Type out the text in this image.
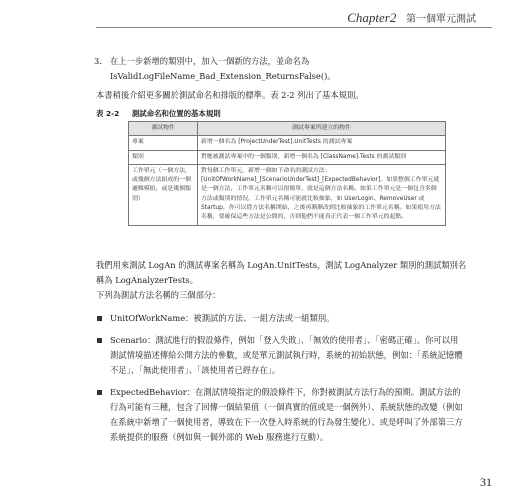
Chapter2 第一個單元測試
3. 在上一步新增的類別中，加入一個新的方法，並命名為 IsValidLogFileName_Bad_Extension_ReturnsFalse()。
本書稍後介紹更多關於測試命名和排版的標準。表 2-2 列出了基本規則。
表 2-2 測試命名和位置的基本規則
測試物件	測試專案所建立的物件
專案	新增一個名為 [ProjectUnderTest].UnitTests 的測試專案
類別	對應被測試專案中的一個類別，新增一個名為 [ClassName].Tests 的測試類別
工作單元（一個方法，或幾個方法組成的一個邏輯模組，或是幾個類別）	對每個工作單元，新增一個如下命名的測試方法：[UnitOfWorkName]_[ScenarioUnderTest]_[ExpectedBehavior]。如果整個工作單元就是一個方法，工作單元名稱可以很簡單，就是這個方法名稱。如果工作單元是一個包含多個方法或類別的情況，工作單元名稱可能就比較抽象，如 UserLogin、RemoveUser 或 Startup，你可以從方法名稱開始，之後再漸漸改到比較抽象的工作單元名稱。如果使用方法名稱，要確保這些方法是公開的，否則他們不能真正代表一個工作單元的起點。
我們用來測試 LogAn 的測試專案名稱為 LogAn.UnitTests，測試 LogAnalyzer 類別的測試類別名稱為 LogAnalyzerTests。
下列為測試方法名稱的三個部分：
UnitOfWorkName：被測試的方法、一組方法或一組類別。
Scenario：測試進行的假設條件，例如「登入失敗」、「無效的使用者」、「密碼正確」。你可以用測試情境描述傳給公開方法的參數，或是單元測試執行時，系統的初始狀態，例如：「系統記憶體不足」、「無此使用者」、「該使用者已經存在」。
ExpectedBehavior：在測試情境指定的假設條件下，你對被測試方法行為的預期。測試方法的行為可能有三種，包含了回傳一個結果值（一個真實的值或是一個例外）、系統狀態的改變（例如在系統中新增了一個使用者，導致在下一次登入時系統的行為發生變化）、或是呼叫了外部第三方系統提供的服務（例如與一個外部的 Web 服務進行互動）。
31
